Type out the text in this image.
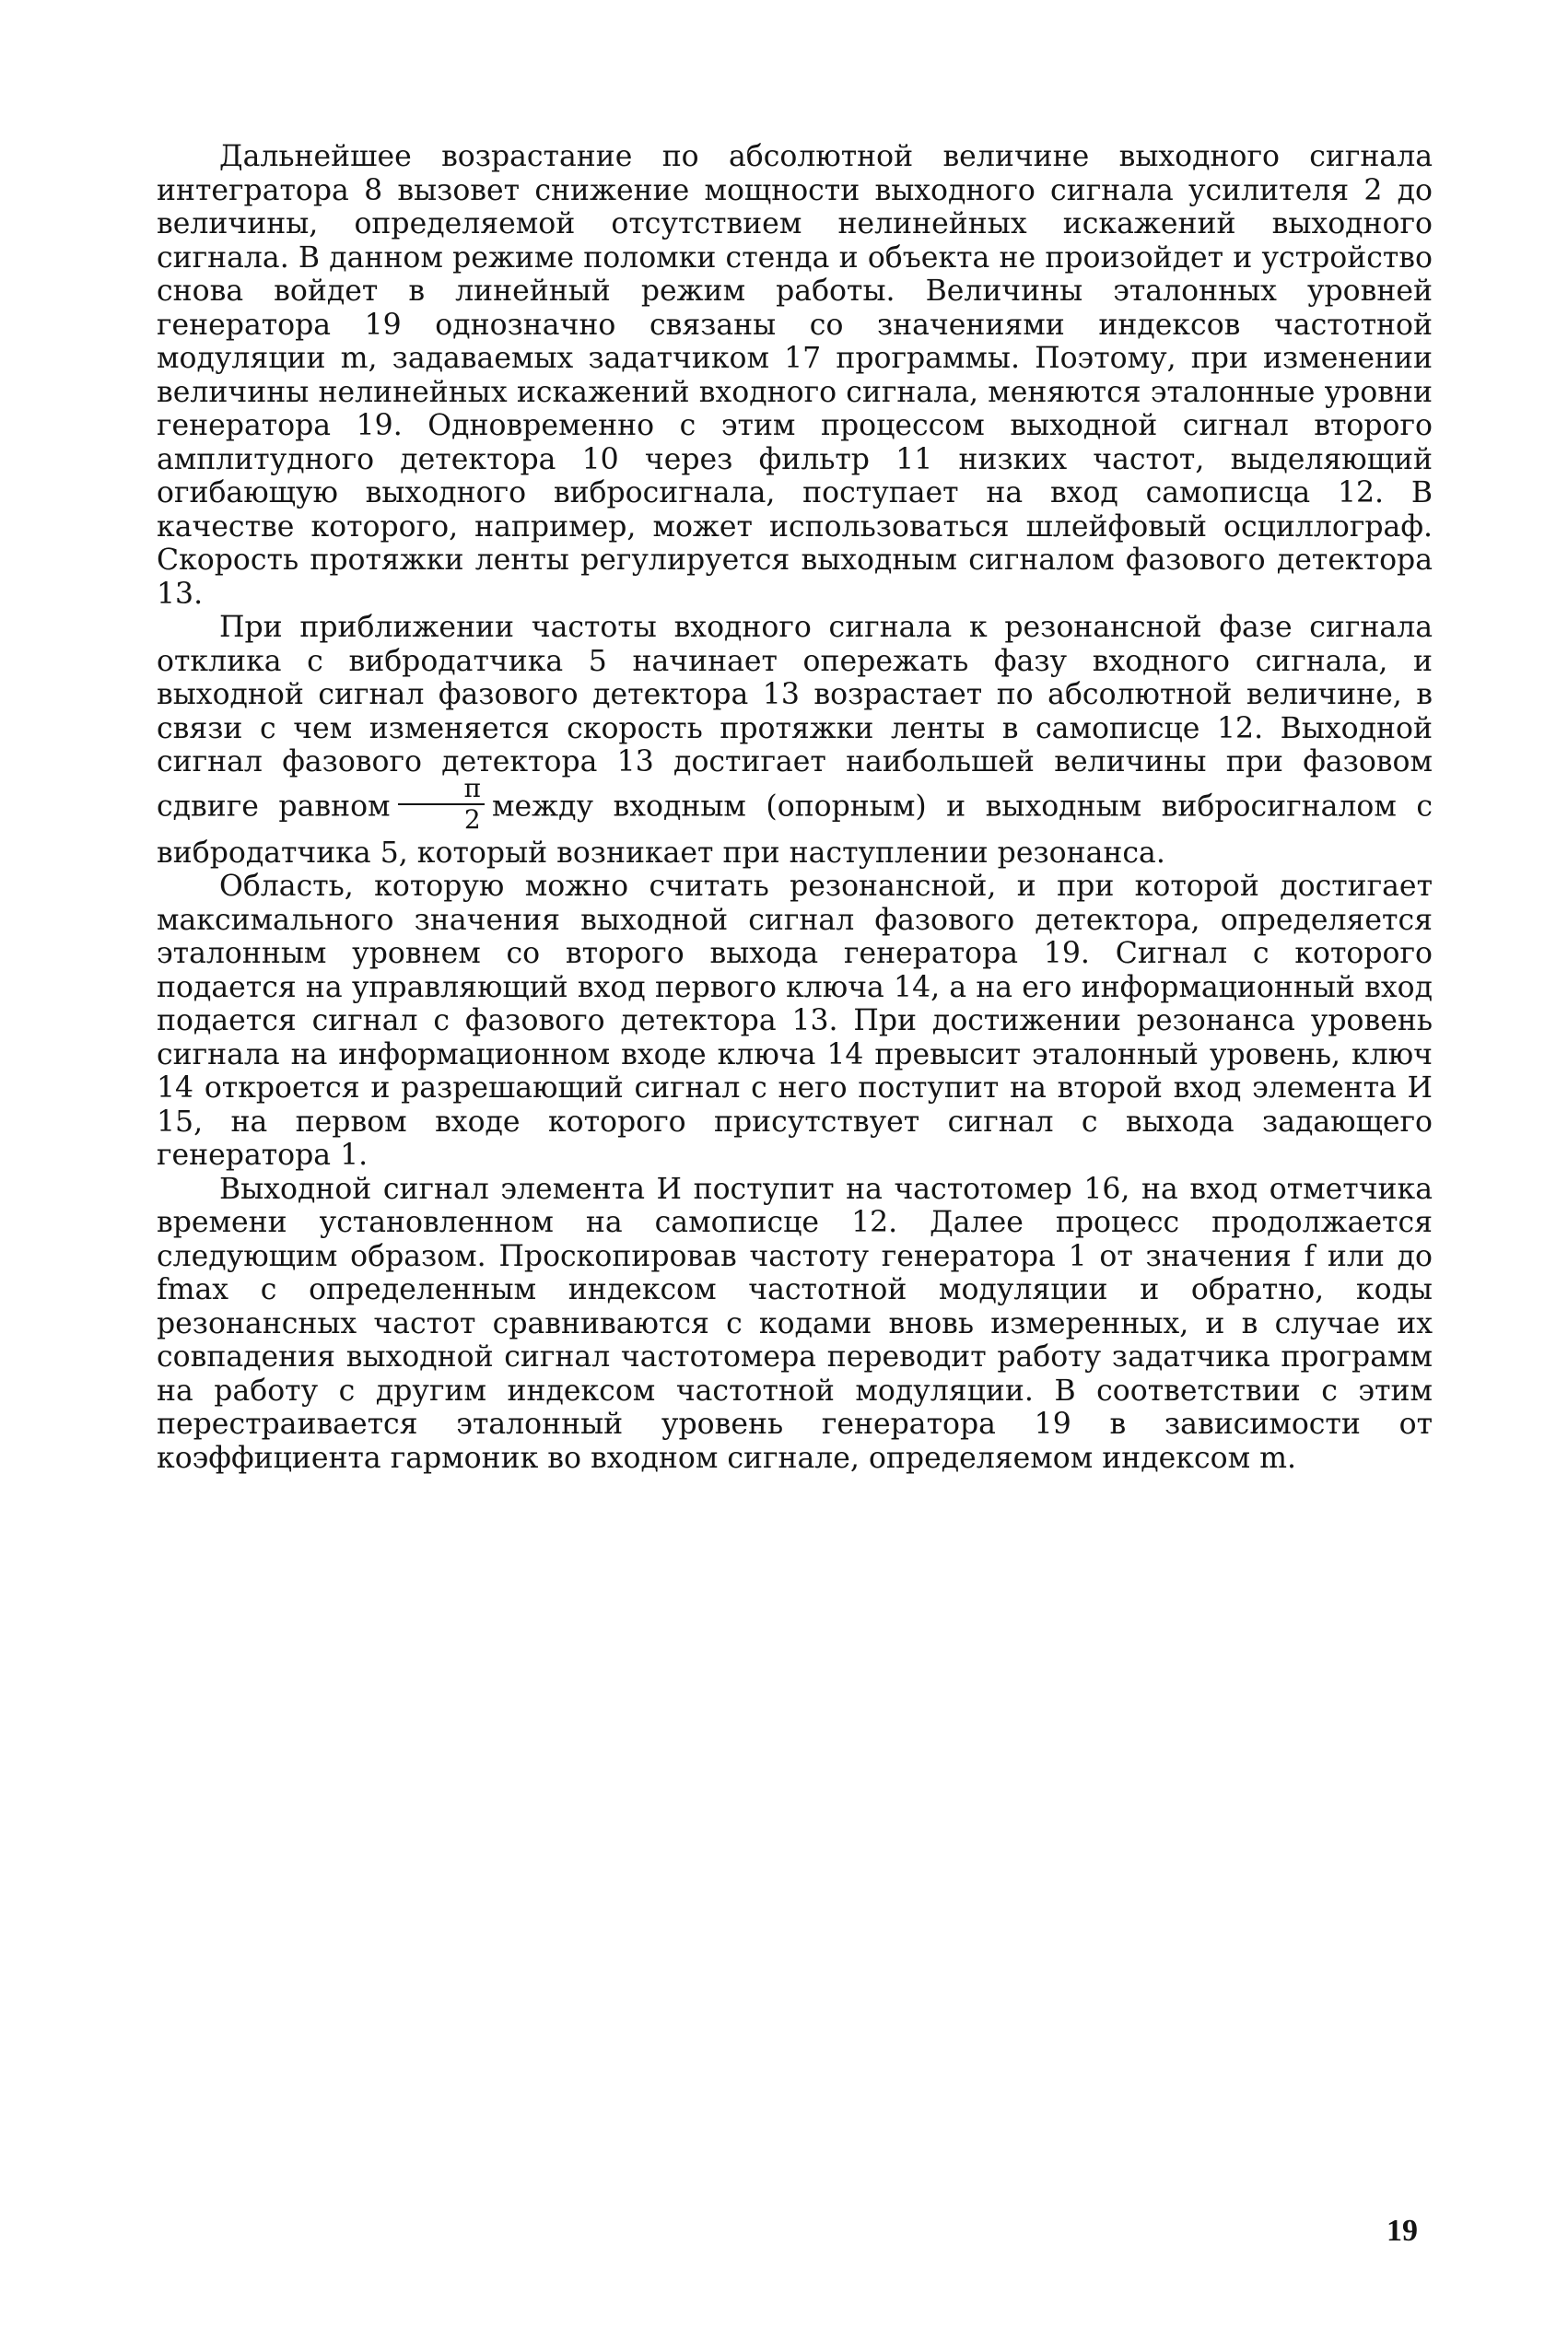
Дальнейшее возрастание по абсолютной величине выходного сигнала интегратора 8 вызовет снижение мощности выходного сигнала усилителя 2 до величины, определяемой отсутствием нелинейных искажений выходного сигнала. В данном режиме поломки стенда и объекта не произойдет и устройство снова войдет в линейный режим работы. Величины эталонных уровней генератора 19 однозначно связаны со значениями индексов частотной модуляции m, задаваемых задатчиком 17 программы. Поэтому, при изменении величины нелинейных искажений входного сигнала, меняются эталонные уровни генератора 19. Одновременно с этим процессом выходной сигнал второго амплитудного детектора 10 через фильтр 11 низких частот, выделяющий огибающую выходного вибросигнала, поступает на вход самописца 12. В качестве которого, например, может использоваться шлейфовый осциллограф. Скорость протяжки ленты регулируется выходным сигналом фазового детектора 13.

При приближении частоты входного сигнала к резонансной фазе сигнала отклика с вибродатчика 5 начинает опережать фазу входного сигнала, и выходной сигнал фазового детектора 13 возрастает по абсолютной величине, в связи с чем изменяется скорость протяжки ленты в самописце 12. Выходной сигнал фазового детектора 13 достигает наибольшей величины при фазовом сдвиге равном $\frac{\pi}{2}$ между входным (опорным) и выходным вибросигналом с вибродатчика 5, который возникает при наступлении резонанса.

Область, которую можно считать резонансной, и при которой достигает максимального значения выходной сигнал фазового детектора, определяется эталонным уровнем со второго выхода генератора 19. Сигнал с которого подается на управляющий вход первого ключа 14, а на его информационный вход подается сигнал с фазового детектора 13. При достижении резонанса уровень сигнала на информационном входе ключа 14 превысит эталонный уровень, ключ 14 откроется и разрешающий сигнал с него поступит на второй вход элемента И 15, на первом входе которого присутствует сигнал с выхода задающего генератора 1.

Выходной сигнал элемента И поступит на частотомер 16, на вход отметчика времени установленном на самописце 12. Далее процесс продолжается следующим образом. Проскопировав частоту генератора 1 от значения f или до fmax с определенным индексом частотной модуляции и обратно, коды резонансных частот сравниваются с кодами вновь измеренных, и в случае их совпадения выходной сигнал частотомера переводит работу задатчика программ на работу с другим индексом частотной модуляции. В соответствии с этим перестраивается эталонный уровень генератора 19 в зависимости от коэффициента гармоник во входном сигнале, определяемом индексом m.

19
